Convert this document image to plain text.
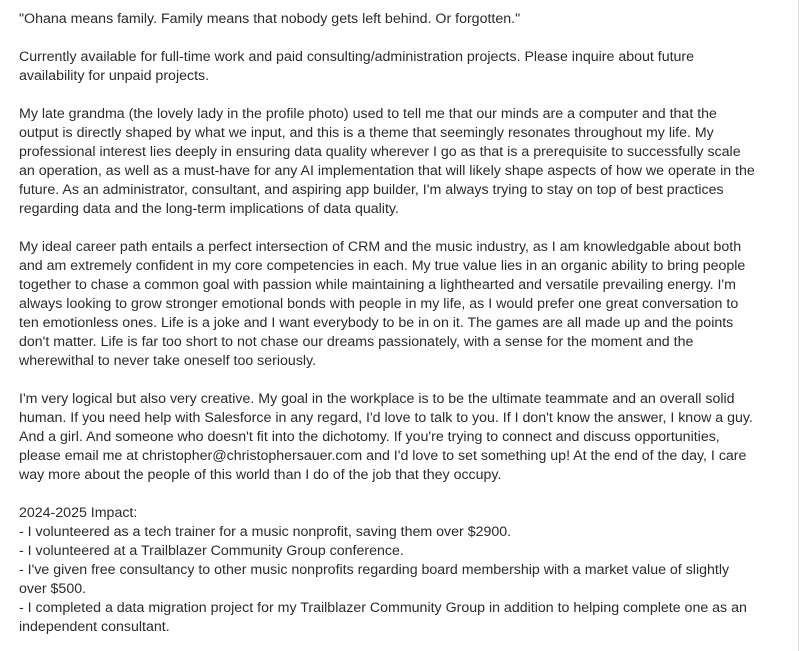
"Ohana means family. Family means that nobody gets left behind. Or forgotten."

Currently available for full-time work and paid consulting/administration projects. Please inquire about future
availability for unpaid projects.

My late grandma (the lovely lady in the profile photo) used to tell me that our minds are a computer and that the
output is directly shaped by what we input, and this is a theme that seemingly resonates throughout my life. My
professional interest lies deeply in ensuring data quality wherever I go as that is a prerequisite to successfully scale
an operation, as well as a must-have for any AI implementation that will likely shape aspects of how we operate in the
future. As an administrator, consultant, and aspiring app builder, I'm always trying to stay on top of best practices
regarding data and the long-term implications of data quality.

My ideal career path entails a perfect intersection of CRM and the music industry, as I am knowledgable about both
and am extremely confident in my core competencies in each. My true value lies in an organic ability to bring people
together to chase a common goal with passion while maintaining a lighthearted and versatile prevailing energy. I'm
always looking to grow stronger emotional bonds with people in my life, as I would prefer one great conversation to
ten emotionless ones. Life is a joke and I want everybody to be in on it. The games are all made up and the points
don't matter. Life is far too short to not chase our dreams passionately, with a sense for the moment and the
wherewithal to never take oneself too seriously.

I'm very logical but also very creative. My goal in the workplace is to be the ultimate teammate and an overall solid
human. If you need help with Salesforce in any regard, I'd love to talk to you. If I don't know the answer, I know a guy.
And a girl. And someone who doesn't fit into the dichotomy. If you're trying to connect and discuss opportunities,
please email me at christopher@christophersauer.com and I'd love to set something up! At the end of the day, I care
way more about the people of this world than I do of the job that they occupy.

2024-2025 Impact:
- I volunteered as a tech trainer for a music nonprofit, saving them over $2900.
- I volunteered at a Trailblazer Community Group conference.
- I've given free consultancy to other music nonprofits regarding board membership with a market value of slightly
over $500.
- I completed a data migration project for my Trailblazer Community Group in addition to helping complete one as an
independent consultant.
